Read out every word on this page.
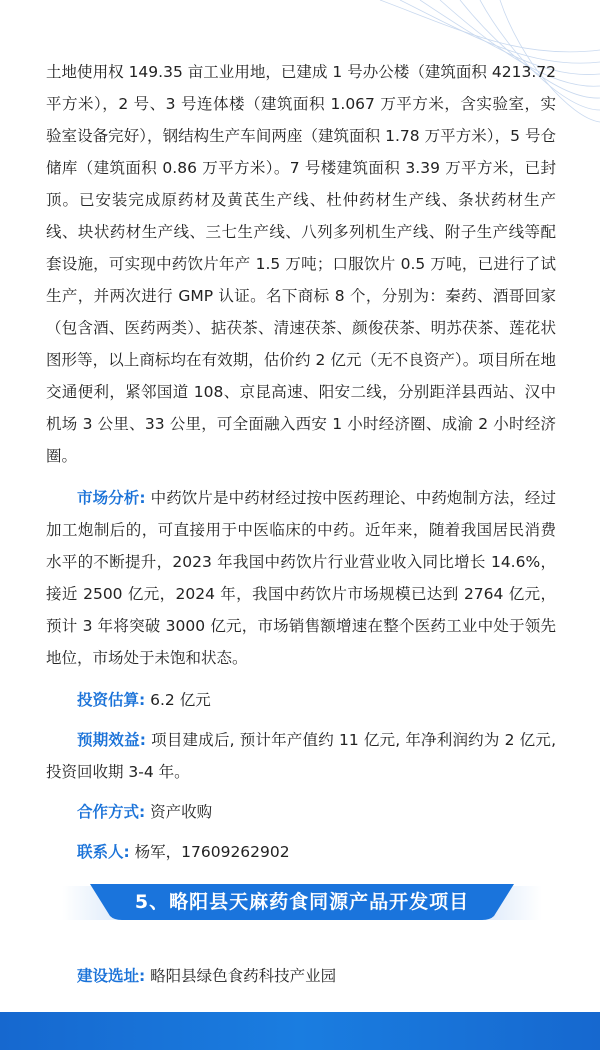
土地使用权 149.35 亩工业用地，已建成 1 号办公楼（建筑面积 4213.72 平方米），2 号、3 号连体楼（建筑面积 1.067 万平方米，含实验室，实验室设备完好），钢结构生产车间两座（建筑面积 1.78 万平方米），5 号仓储库（建筑面积 0.86 万平方米）。7 号楼建筑面积 3.39 万平方米，已封顶。已安装完成原药材及黄芪生产线、杜仲药材生产线、条状药材生产线、块状药材生产线、三七生产线、八列多列机生产线、附子生产线等配套设施，可实现中药饮片年产 1.5 万吨；口服饮片 0.5 万吨，已进行了试生产，并两次进行 GMP 认证。名下商标 8 个，分别为：秦药、酒哥回家（包含酒、医药两类）、掂茯茶、清速茯茶、颜俊茯茶、明苏茯茶、莲花状图形等，以上商标均在有效期，估价约 2 亿元（无不良资产）。项目所在地交通便利，紧邻国道 108、京昆高速、阳安二线，分别距洋县西站、汉中机场 3 公里、33 公里，可全面融入西安 1 小时经济圈、成渝 2 小时经济圈。

市场分析: 中药饮片是中药材经过按中医药理论、中药炮制方法，经过加工炮制后的，可直接用于中医临床的中药。近年来，随着我国居民消费水平的不断提升，2023 年我国中药饮片行业营业收入同比增长 14.6%，接近 2500 亿元，2024 年，我国中药饮片市场规模已达到 2764 亿元，预计 3 年将突破 3000 亿元，市场销售额增速在整个医药工业中处于领先地位，市场处于未饱和状态。

投资估算: 6.2 亿元

预期效益: 项目建成后, 预计年产值约 11 亿元, 年净利润约为 2 亿元, 投资回收期 3-4 年。

合作方式: 资产收购

联系人: 杨军，17609262902

5、略阳县天麻药食同源产品开发项目

建设选址: 略阳县绿色食药科技产业园
